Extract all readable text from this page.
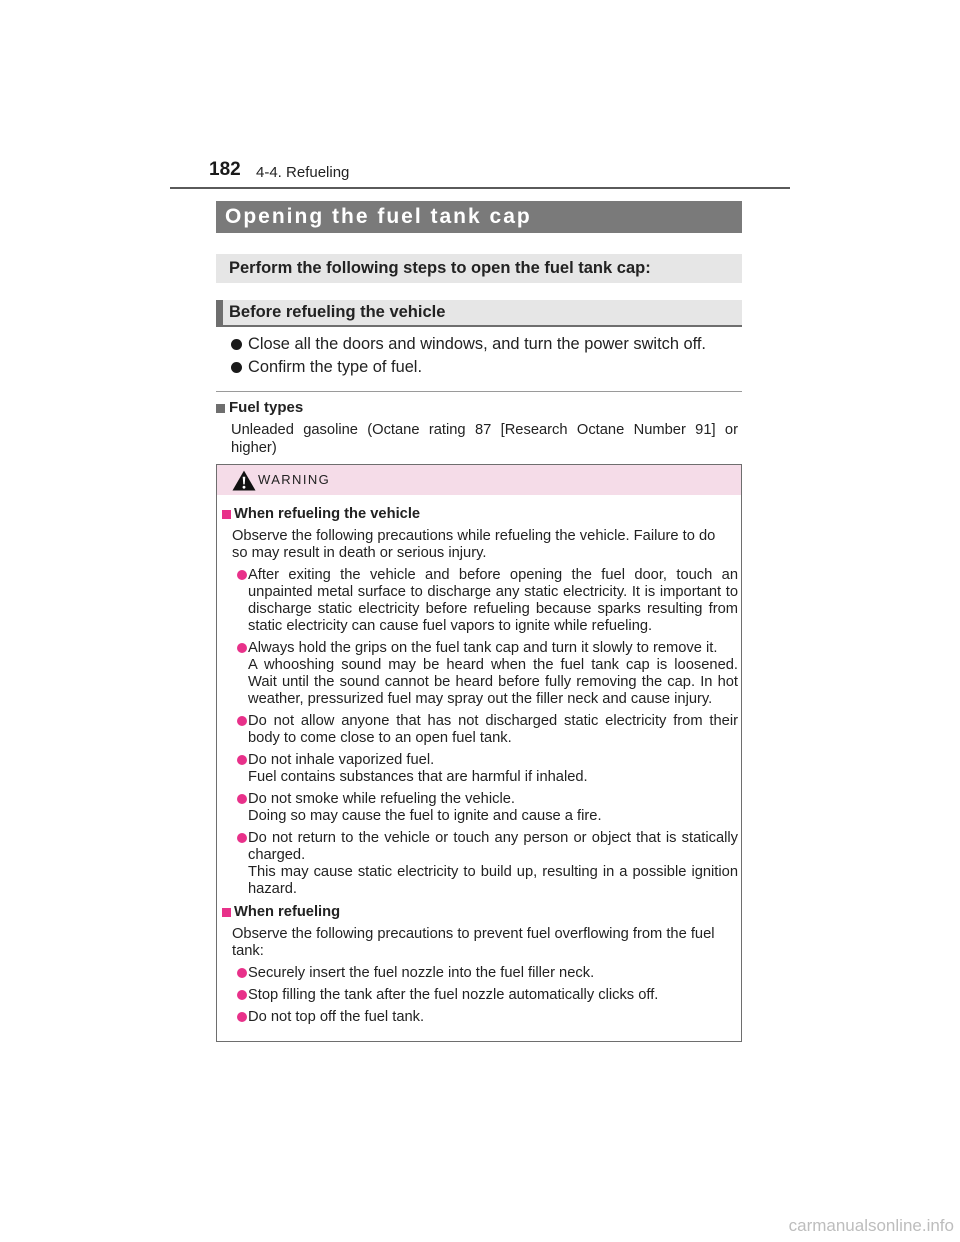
182 4-4. Refueling
Opening the fuel tank cap
Perform the following steps to open the fuel tank cap:
Before refueling the vehicle
Close all the doors and windows, and turn the power switch off.
Confirm the type of fuel.
Fuel types
Unleaded gasoline (Octane rating 87 [Research Octane Number 91] or
higher)
WARNING
When refueling the vehicle
Observe the following precautions while refueling the vehicle. Failure to do
so may result in death or serious injury.
After exiting the vehicle and before opening the fuel door, touch an
unpainted metal surface to discharge any static electricity. It is important to
discharge static electricity before refueling because sparks resulting from
static electricity can cause fuel vapors to ignite while refueling.
Always hold the grips on the fuel tank cap and turn it slowly to remove it.
A whooshing sound may be heard when the fuel tank cap is loosened.
Wait until the sound cannot be heard before fully removing the cap. In hot
weather, pressurized fuel may spray out the filler neck and cause injury.
Do not allow anyone that has not discharged static electricity from their
body to come close to an open fuel tank.
Do not inhale vaporized fuel.
Fuel contains substances that are harmful if inhaled.
Do not smoke while refueling the vehicle.
Doing so may cause the fuel to ignite and cause a fire.
Do not return to the vehicle or touch any person or object that is statically
charged.
This may cause static electricity to build up, resulting in a possible ignition
hazard.
When refueling
Observe the following precautions to prevent fuel overflowing from the fuel
tank:
Securely insert the fuel nozzle into the fuel filler neck.
Stop filling the tank after the fuel nozzle automatically clicks off.
Do not top off the fuel tank.
carmanualsonline.info
